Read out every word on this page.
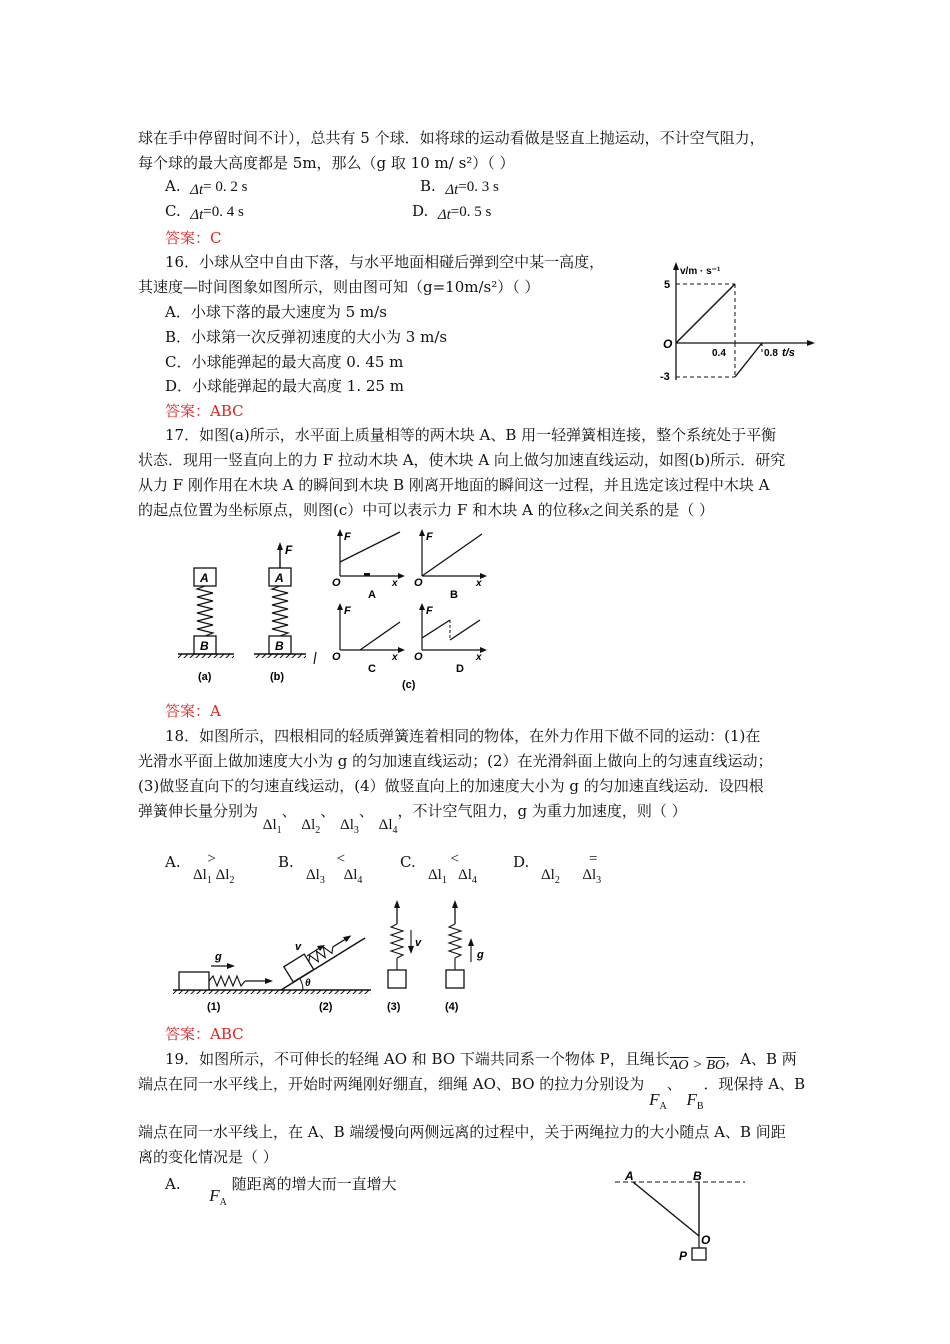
球在手中停留时间不计），总共有 5 个球．如将球的运动看做是竖直上抛运动，不计空气阻力，
每个球的最大高度都是 5m，那么（g 取 10 m/ s²）（ ）
A. Δt= 0. 2 s	B. Δt=0. 3 s
C. Δt=0. 4 s	D. Δt=0. 5 s
答案：C
16．小球从空中自由下落，与水平地面相碰后弹到空中某一高度，
其速度—时间图象如图所示，则由图可知（g=10m/s²）（ ）
A．小球下落的最大速度为 5 m/s
B．小球第一次反弹初速度的大小为 3 m/s
C．小球能弹起的最大高度 0. 45 m
D．小球能弹起的最大高度 1. 25 m
答案：ABC
v/m · s⁻¹
5
-3
O
0.4	0.8 t/s
17．如图(a)所示，水平面上质量相等的两木块 A、B 用一轻弹簧相连接，整个系统处于平衡
状态．现用一竖直向上的力 F 拉动木块 A，使木块 A 向上做匀加速直线运动，如图(b)所示．研究
从力 F 刚作用在木块 A 的瞬间到木块 B 刚离开地面的瞬间这一过程，并且选定该过程中木块 A
的起点位置为坐标原点，则图(c）中可以表示力 F 和木块 A 的位移x之间关系的是（ ）
A
B
(a)
F
A
B
(b)
F
O	x
A
F
O	x
B
F
O	x
C
F
O	x
D
(c)
答案：A
18．如图所示，四根相同的轻质弹簧连着相同的物体，在外力作用下做不同的运动：(1)在
光滑水平面上做加速度大小为 g 的匀加速直线运动；(2）在光滑斜面上做向上的匀速直线运动；
(3)做竖直向下的匀速直线运动，(4）做竖直向上的加速度大小为 g 的匀加速直线运动．设四根
弹簧伸长量分别为 $\Delta l_1$、 $\Delta l_2$、 $\Delta l_3$、 $\Delta l_4$，不计空气阻力，g 为重力加速度，则（ ）
A. >
$\Delta l_1$ $\Delta l_2$
B.	<
$\Delta l_3$ $\Delta l_4$
C. <
$\Delta l_1$ $\Delta l_4$
D.	=
$\Delta l_2$ $\Delta l_3$
g
(1)
θ
v
(2)
v
(3)
g
(4)
答案：ABC
19．如图所示，不可伸长的轻绳 AO 和 BO 下端共同系一个物体 P，且绳长$\overline{AO} > \overline{BO}$，A、B 两
端点在同一水平线上，开始时两绳刚好绷直，细绳 AO、BO 的拉力分别设为 $F_A$、 $F_B$．现保持 A、B
端点在同一水平线上，在 A、B 端缓慢向两侧远离的过程中，关于两绳拉力的大小随点 A、B 间距
离的变化情况是（ ）
A.      $F_A$ 随距离的增大而一直增大	A	B
O
P
